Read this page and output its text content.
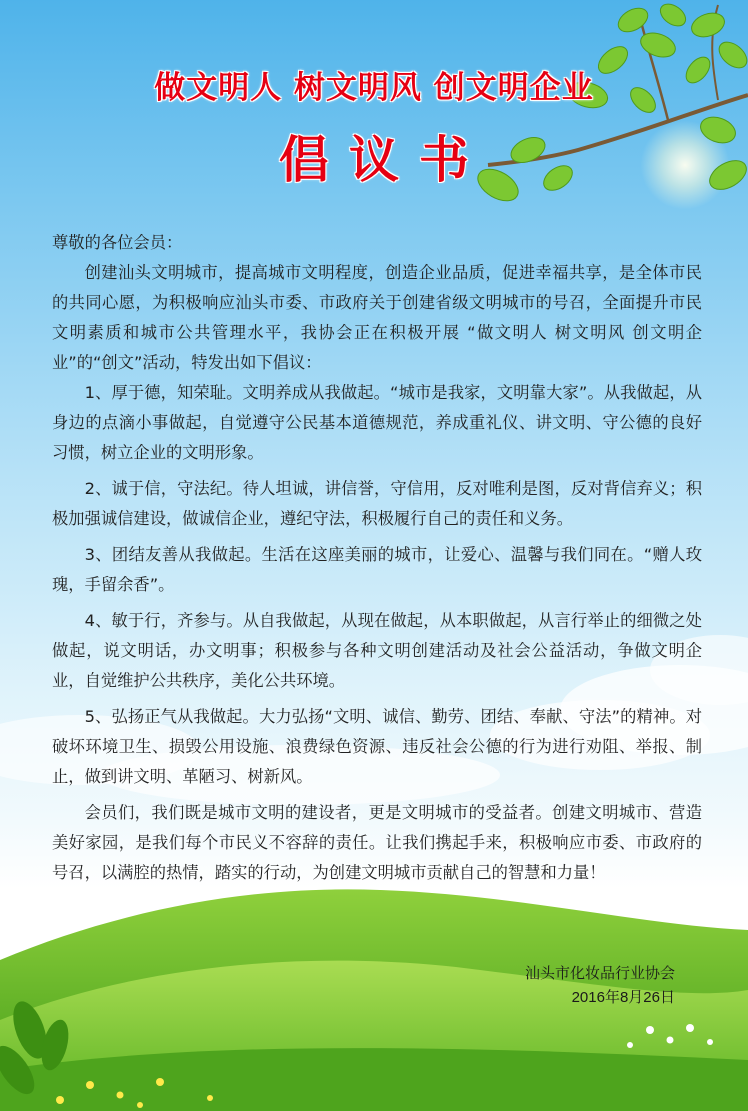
做文明人 树文明风 创文明企业
倡议书

尊敬的各位会员：

创建汕头文明城市，提高城市文明程度，创造企业品质，促进幸福共享，是全体市民的共同心愿，为积极响应汕头市委、市政府关于创建省级文明城市的号召，全面提升市民文明素质和城市公共管理水平，我协会正在积极开展 “做文明人 树文明风 创文明企业”的“创文”活动，特发出如下倡议：

1、厚于德，知荣耻。文明养成从我做起。“城市是我家，文明靠大家”。从我做起，从身边的点滴小事做起，自觉遵守公民基本道德规范，养成重礼仪、讲文明、守公德的良好习惯，树立企业的文明形象。

2、诚于信，守法纪。待人坦诚，讲信誉，守信用，反对唯利是图，反对背信弃义；积极加强诚信建设，做诚信企业，遵纪守法，积极履行自己的责任和义务。

3、团结友善从我做起。生活在这座美丽的城市，让爱心、温馨与我们同在。“赠人玫瑰，手留余香”。

4、敏于行，齐参与。从自我做起，从现在做起，从本职做起，从言行举止的细微之处做起，说文明话，办文明事；积极参与各种文明创建活动及社会公益活动，争做文明企业，自觉维护公共秩序，美化公共环境。

5、弘扬正气从我做起。大力弘扬“文明、诚信、勤劳、团结、奉献、守法”的精神。对破坏环境卫生、损毁公用设施、浪费绿色资源、违反社会公德的行为进行劝阻、举报、制止，做到讲文明、革陋习、树新风。

会员们，我们既是城市文明的建设者，更是文明城市的受益者。创建文明城市、营造美好家园，是我们每个市民义不容辞的责任。让我们携起手来，积极响应市委、市政府的号召，以满腔的热情，踏实的行动，为创建文明城市贡献自己的智慧和力量！

汕头市化妆品行业协会
2016年8月26日
